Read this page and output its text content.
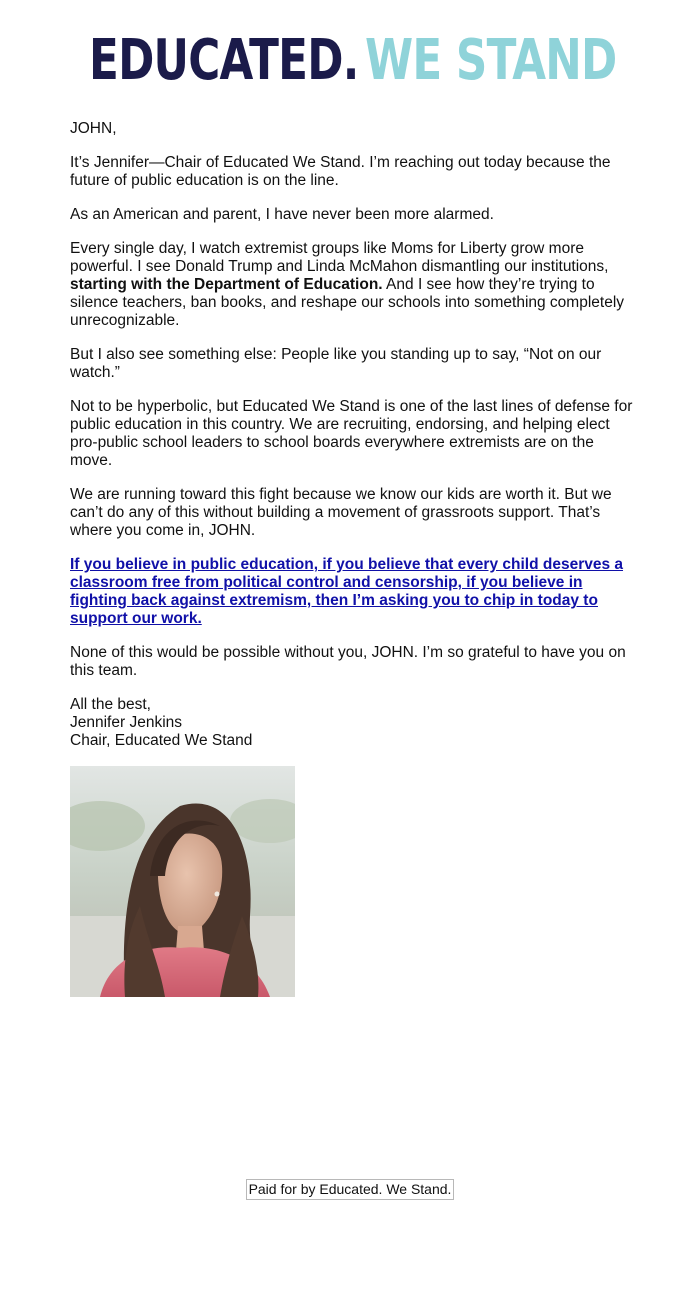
EDUCATED. WE STAND

JOHN,

It’s Jennifer—Chair of Educated We Stand. I’m reaching out today because the future of public education is on the line.

As an American and parent, I have never been more alarmed.

Every single day, I watch extremist groups like Moms for Liberty grow more powerful. I see Donald Trump and Linda McMahon dismantling our institutions, starting with the Department of Education. And I see how they’re trying to silence teachers, ban books, and reshape our schools into something completely unrecognizable.

But I also see something else: People like you standing up to say, “Not on our watch.”

Not to be hyperbolic, but Educated We Stand is one of the last lines of defense for public education in this country. We are recruiting, endorsing, and helping elect pro-public school leaders to school boards everywhere extremists are on the move.

We are running toward this fight because we know our kids are worth it. But we can’t do any of this without building a movement of grassroots support. That’s where you come in, JOHN.

If you believe in public education, if you believe that every child deserves a classroom free from political control and censorship, if you believe in fighting back against extremism, then I’m asking you to chip in today to support our work.

None of this would be possible without you, JOHN. I’m so grateful to have you on this team.

All the best,
Jennifer Jenkins
Chair, Educated We Stand

Paid for by Educated. We Stand.
